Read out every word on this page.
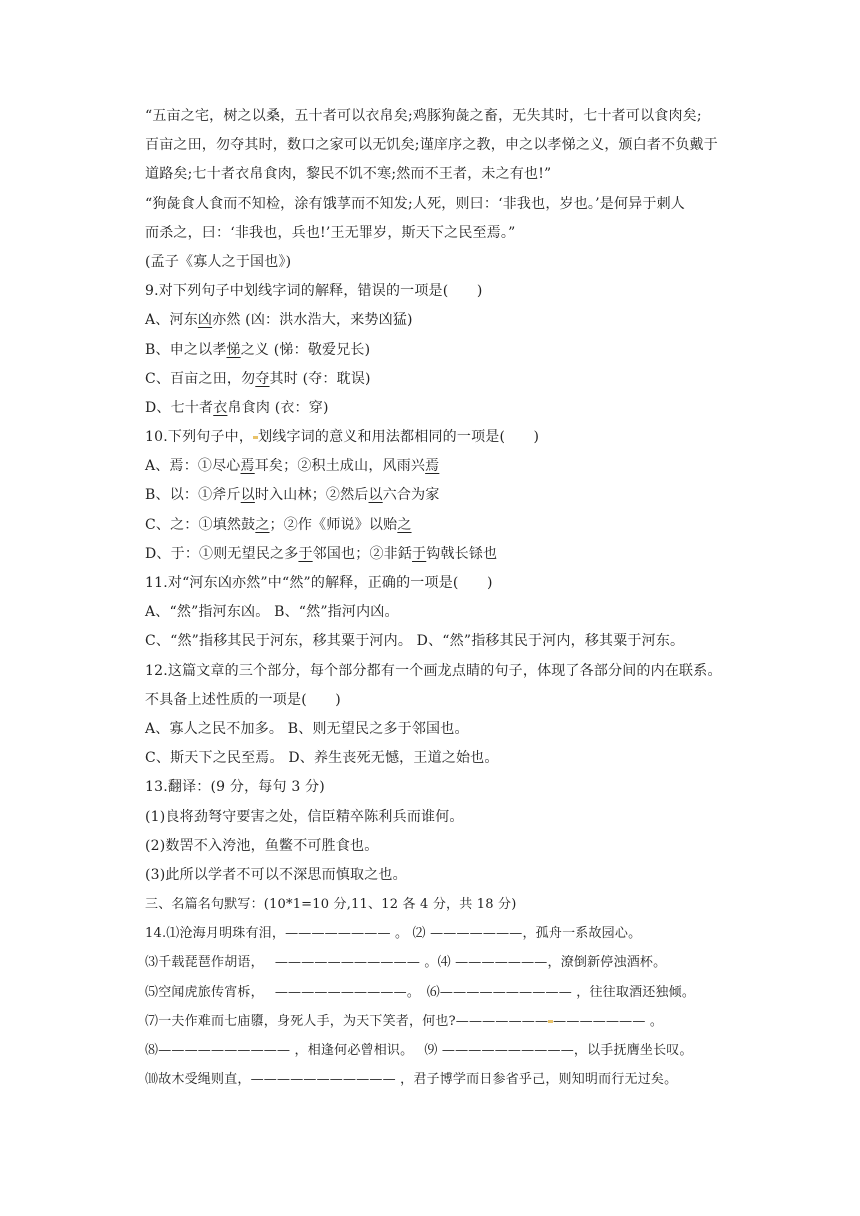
“五亩之宅，树之以桑，五十者可以衣帛矣;鸡豚狗彘之畜，无失其时，七十者可以食肉矣;
百亩之田，勿夺其时，数口之家可以无饥矣;谨庠序之教，申之以孝悌之义，颁白者不负戴于
道路矣;七十者衣帛食肉，黎民不饥不寒;然而不王者，未之有也!”
“狗彘食人食而不知检，涂有饿莩而不知发;人死，则曰：‘非我也，岁也。’是何异于刺人
而杀之，曰：‘非我也，兵也!’王无罪岁，斯天下之民至焉。”
(孟子《寡人之于国也》)
9.对下列句子中划线字词的解释，错误的一项是(　　)
A、河东凶亦然 (凶：洪水浩大，来势凶猛)
B、申之以孝悌之义 (悌：敬爱兄长)
C、百亩之田，勿夺其时 (夺：耽误)
D、七十者衣帛食肉 (衣：穿)
10.下列句子中， 划线字词的意义和用法都相同的一项是(　　)
A、焉：①尽心焉耳矣；②积土成山，风雨兴焉
B、以：①斧斤以时入山林；②然后以六合为家
C、之：①填然鼓之；②作《师说》以贻之
D、于：①则无望民之多于邻国也；②非銛于钩戟长铩也
11.对“河东凶亦然”中“然”的解释，正确的一项是(　　)
A、“然”指河东凶。 B、“然”指河内凶。
C、“然”指移其民于河东，移其粟于河内。 D、“然”指移其民于河内，移其粟于河东。
12.这篇文章的三个部分，每个部分都有一个画龙点睛的句子，体现了各部分间的内在联系。
不具备上述性质的一项是(　　)
A、寡人之民不加多。 B、则无望民之多于邻国也。
C、斯天下之民至焉。 D、养生丧死无憾，王道之始也。
13.翻译：(9 分，每句 3 分)
(1)良将劲弩守要害之处，信臣精卒陈利兵而谁何。
(2)数罟不入洿池，鱼鳖不可胜食也。
(3)此所以学者不可以不深思而慎取之也。
三、名篇名句默写：(10*1=10 分,11、12 各 4 分，共 18 分)
14.⑴沧海月明珠有泪，———————— 。 ⑵ ———————，孤舟一系故园心。
⑶千载琵琶作胡语，　 ——————————— 。⑷ ———————，潦倒新停浊酒杯。
⑸空闻虎旅传宵柝，　 ——————————。　⑹—————————— ，往往取酒还独倾。
⑺一夫作难而七庙隳，身死人手，为天下笑者，何也?——————— ——————— 。
⑻—————————— ，相逢何必曾相识。　 ⑼ ——————————，以手抚膺坐长叹。
⑽故木受绳则直，——————————— ，君子博学而日参省乎己，则知明而行无过矣。
